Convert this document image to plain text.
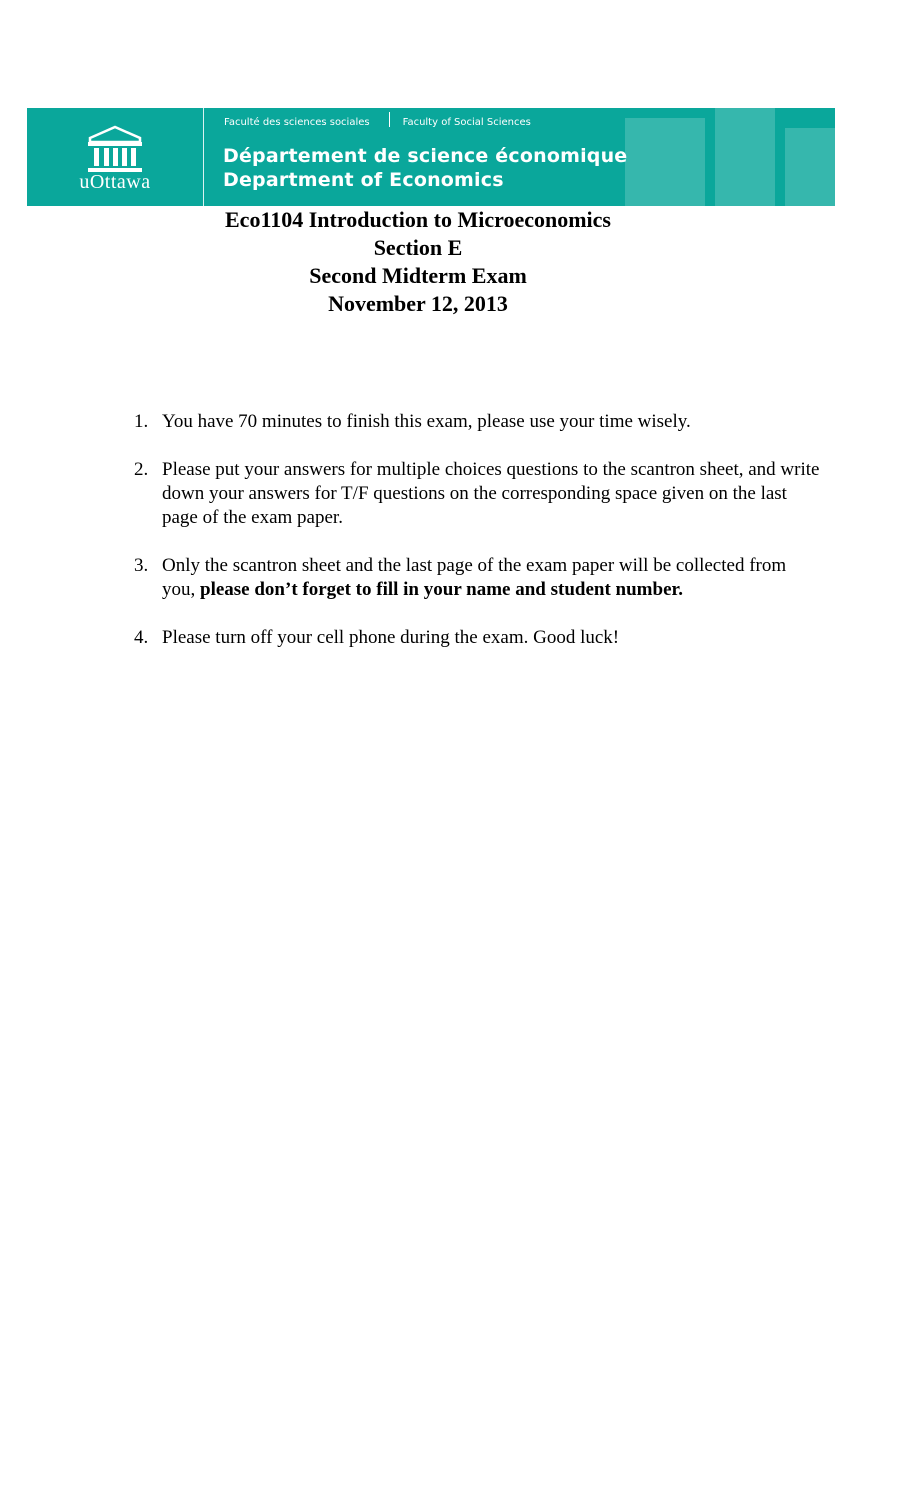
uOttawa
Faculté des sciences sociales	Faculty of Social Sciences
Département de science économique
Department of Economics
Eco1104 Introduction to Microeconomics
Section E
Second Midterm Exam
November 12, 2013
1. You have 70 minutes to finish this exam, please use your time wisely.
2. Please put your answers for multiple choices questions to the scantron sheet, and write down your answers for T/F questions on the corresponding space given on the last page of the exam paper.
3. Only the scantron sheet and the last page of the exam paper will be collected from you, please don’t forget to fill in your name and student number.
4. Please turn off your cell phone during the exam. Good luck!
